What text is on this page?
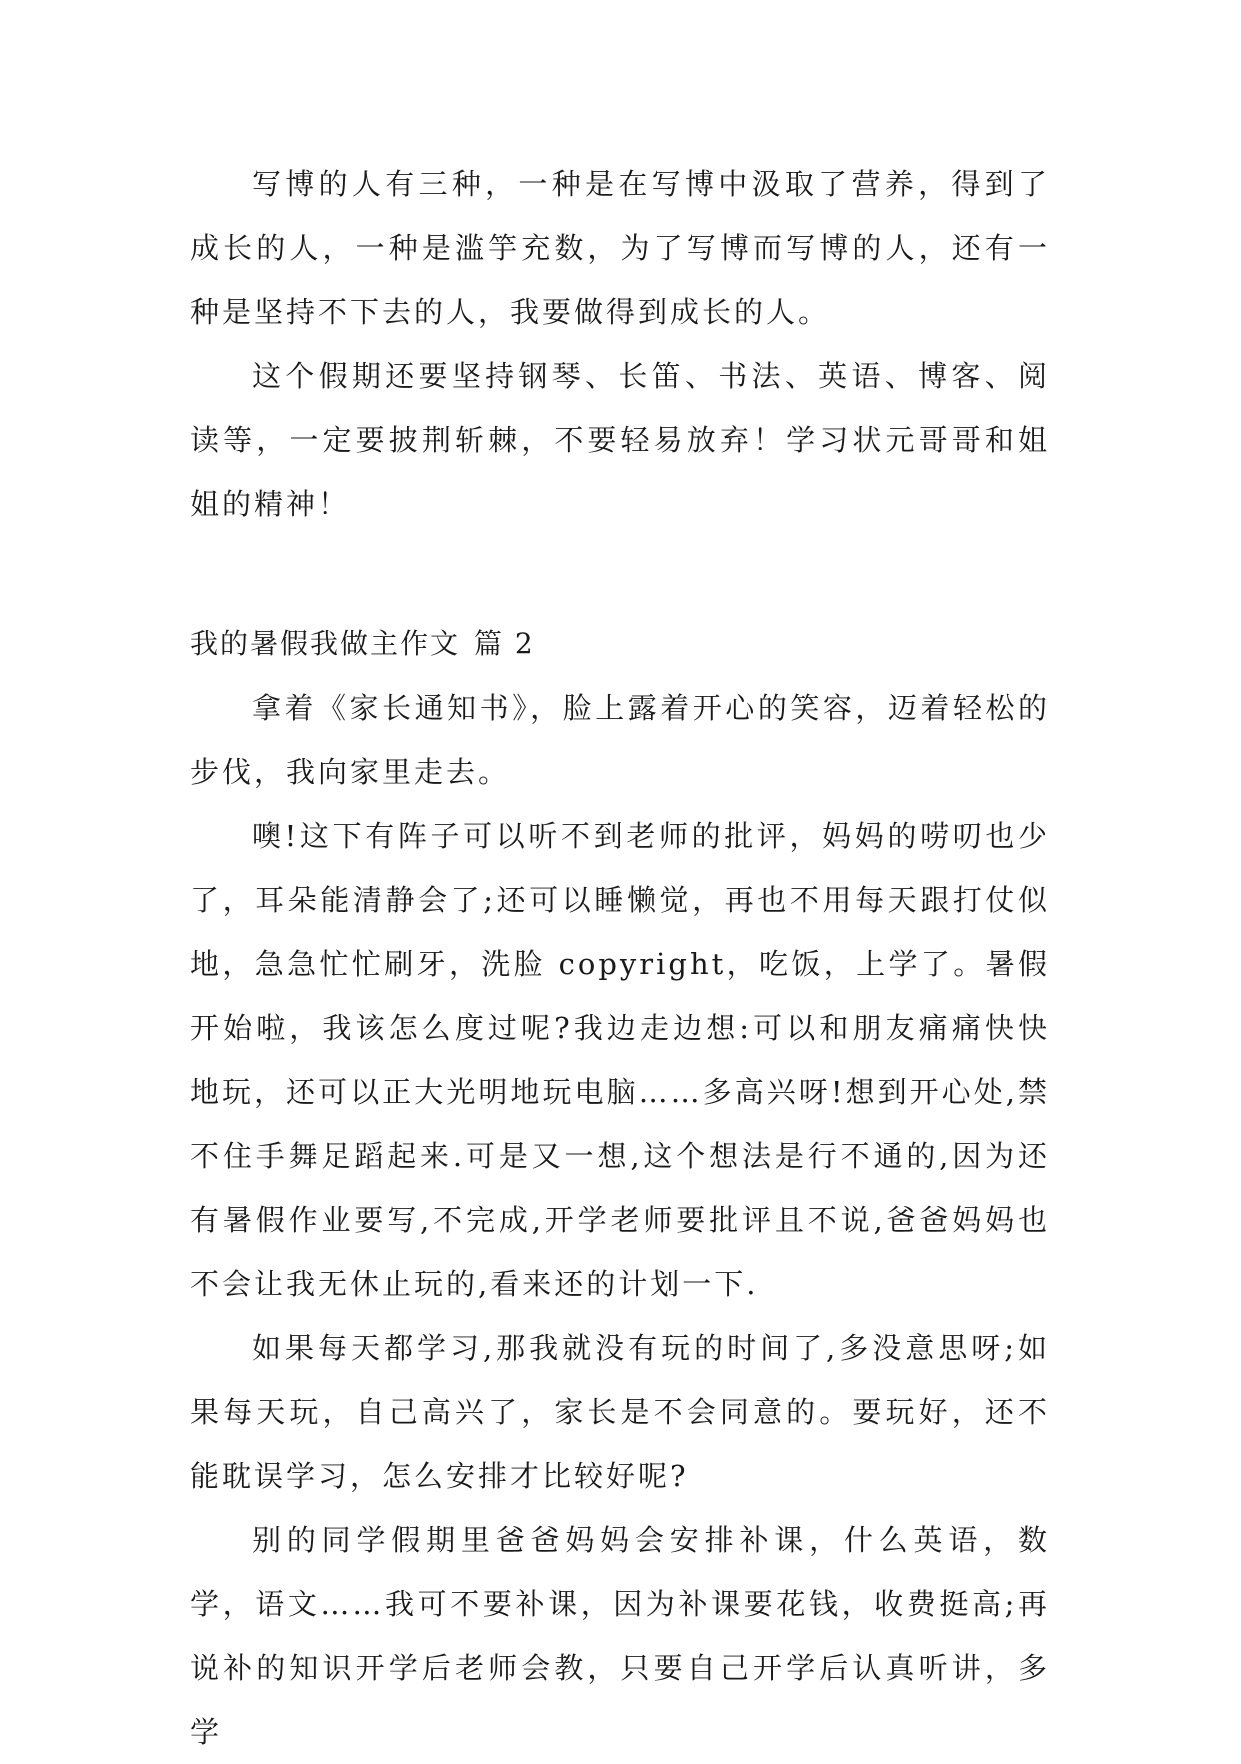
写博的人有三种，一种是在写博中汲取了营养，得到了成长的人，一种是滥竽充数，为了写博而写博的人，还有一种是坚持不下去的人，我要做得到成长的人。

这个假期还要坚持钢琴、长笛、书法、英语、博客、阅读等，一定要披荆斩棘，不要轻易放弃！学习状元哥哥和姐姐的精神！

我的暑假我做主作文 篇 2

拿着《家长通知书》，脸上露着开心的笑容，迈着轻松的步伐，我向家里走去。

噢!这下有阵子可以听不到老师的批评，妈妈的唠叨也少了，耳朵能清静会了;还可以睡懒觉，再也不用每天跟打仗似地，急急忙忙刷牙，洗脸 copyright，吃饭，上学了。暑假开始啦，我该怎么度过呢?我边走边想:可以和朋友痛痛快快地玩，还可以正大光明地玩电脑……多高兴呀!想到开心处,禁不住手舞足蹈起来.可是又一想,这个想法是行不通的,因为还有暑假作业要写,不完成,开学老师要批评且不说,爸爸妈妈也不会让我无休止玩的,看来还的计划一下.

如果每天都学习,那我就没有玩的时间了,多没意思呀;如果每天玩，自己高兴了，家长是不会同意的。要玩好，还不能耽误学习，怎么安排才比较好呢?

别的同学假期里爸爸妈妈会安排补课，什么英语，数学，语文……我可不要补课，因为补课要花钱，收费挺高;再说补的知识开学后老师会教，只要自己开学后认真听讲，多学
